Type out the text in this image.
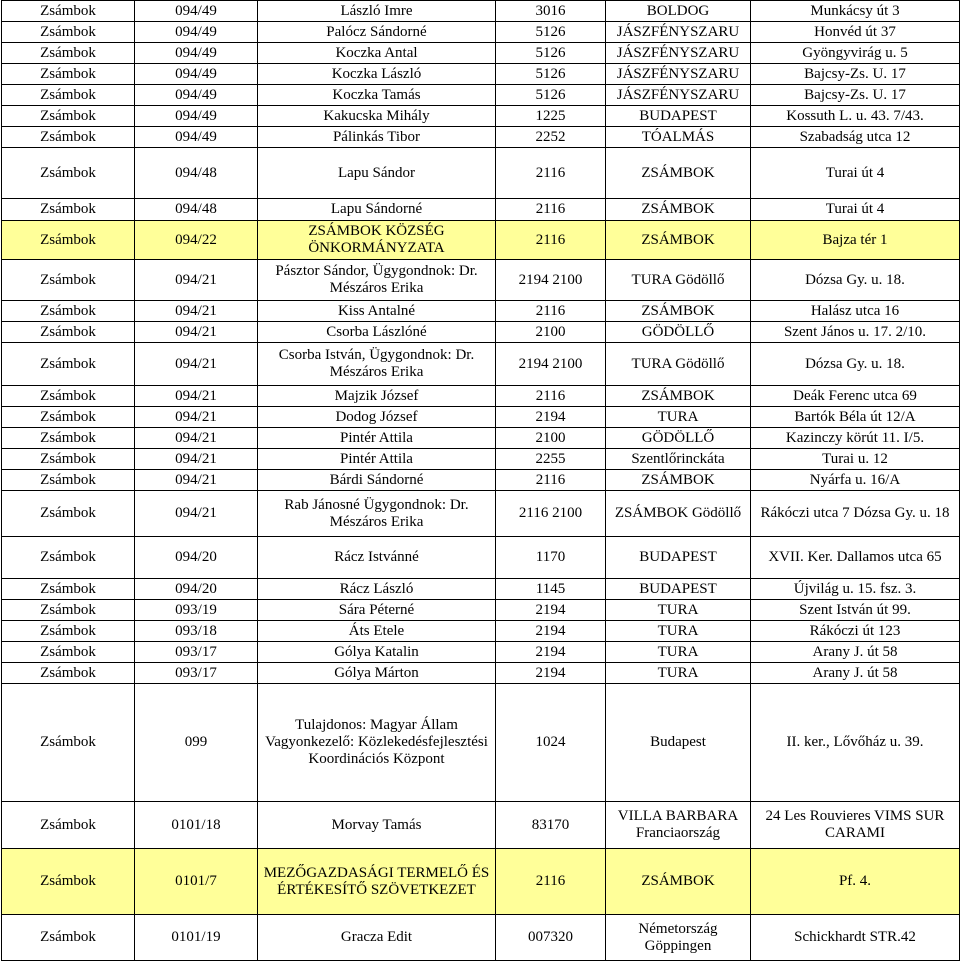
Zsámbok	094/49	László Imre	3016	BOLDOG	Munkácsy út 3
Zsámbok	094/49	Palócz Sándorné	5126	JÁSZFÉNYSZARU	Honvéd út 37
Zsámbok	094/49	Koczka Antal	5126	JÁSZFÉNYSZARU	Gyöngyvirág u. 5
Zsámbok	094/49	Koczka László	5126	JÁSZFÉNYSZARU	Bajcsy-Zs. U. 17
Zsámbok	094/49	Koczka Tamás	5126	JÁSZFÉNYSZARU	Bajcsy-Zs. U. 17
Zsámbok	094/49	Kakucska Mihály	1225	BUDAPEST	Kossuth L. u. 43. 7/43.
Zsámbok	094/49	Pálinkás Tibor	2252	TÓALMÁS	Szabadság utca 12
Zsámbok	094/48	Lapu Sándor	2116	ZSÁMBOK	Turai út 4
Zsámbok	094/48	Lapu Sándorné	2116	ZSÁMBOK	Turai út 4
Zsámbok	094/22	ZSÁMBOK KÖZSÉG ÖNKORMÁNYZATA	2116	ZSÁMBOK	Bajza tér 1
Zsámbok	094/21	Pásztor Sándor, Ügygondnok: Dr. Mészáros Erika	2194 2100	TURA Gödöllő	Dózsa Gy. u. 18.
Zsámbok	094/21	Kiss Antalné	2116	ZSÁMBOK	Halász utca 16
Zsámbok	094/21	Csorba Lászlóné	2100	GÖDÖLLŐ	Szent János u. 17. 2/10.
Zsámbok	094/21	Csorba István, Ügygondnok: Dr. Mészáros Erika	2194 2100	TURA Gödöllő	Dózsa Gy. u. 18.
Zsámbok	094/21	Majzik József	2116	ZSÁMBOK	Deák Ferenc utca 69
Zsámbok	094/21	Dodog József	2194	TURA	Bartók Béla út 12/A
Zsámbok	094/21	Pintér Attila	2100	GÖDÖLLŐ	Kazinczy körút 11. I/5.
Zsámbok	094/21	Pintér Attila	2255	Szentlőrinckáta	Turai u. 12
Zsámbok	094/21	Bárdi Sándorné	2116	ZSÁMBOK	Nyárfa u. 16/A
Zsámbok	094/21	Rab Jánosné Ügygondnok: Dr. Mészáros Erika	2116 2100	ZSÁMBOK Gödöllő	Rákóczi utca 7 Dózsa Gy. u. 18
Zsámbok	094/20	Rácz Istvánné	1170	BUDAPEST	XVII. Ker. Dallamos utca 65
Zsámbok	094/20	Rácz László	1145	BUDAPEST	Újvilág u. 15. fsz. 3.
Zsámbok	093/19	Sára Péterné	2194	TURA	Szent István út 99.
Zsámbok	093/18	Áts Etele	2194	TURA	Rákóczi út 123
Zsámbok	093/17	Gólya Katalin	2194	TURA	Arany J. út 58
Zsámbok	093/17	Gólya Márton	2194	TURA	Arany J. út 58
Zsámbok	099	Tulajdonos: Magyar Állam Vagyonkezelő: Közlekedésfejlesztési Koordinációs Központ	1024	Budapest	II. ker., Lővőház u. 39.
Zsámbok	0101/18	Morvay Tamás	83170	VILLA BARBARA Franciaország	24 Les Rouvieres VIMS SUR CARAMI
Zsámbok	0101/7	MEZŐGAZDASÁGI TERMELŐ ÉS ÉRTÉKESÍTŐ SZÖVETKEZET	2116	ZSÁMBOK	Pf. 4.
Zsámbok	0101/19	Gracza Edit	007320	Németország Göppingen	Schickhardt STR.42
